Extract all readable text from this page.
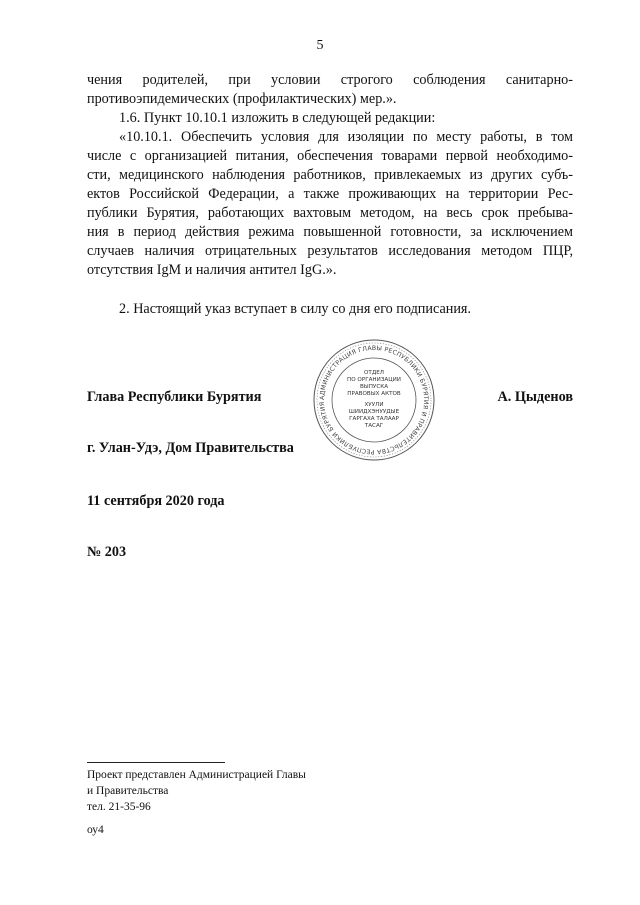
5
чения родителей, при условии строгого соблюдения санитарно-
противоэпидемических (профилактических) мер.».
1.6. Пункт 10.10.1 изложить в следующей редакции:
«10.10.1. Обеспечить условия для изоляции по месту работы, в том
числе с организацией питания, обеспечения товарами первой необходимо-
сти, медицинского наблюдения работников, привлекаемых из других субъ-
ектов Российской Федерации, а также проживающих на территории Рес-
публики Бурятия, работающих вахтовым методом, на весь срок пребыва-
ния в период действия режима повышенной готовности, за исключением
случаев наличия отрицательных результатов исследования методом ПЦР,
отсутствия IgM и наличия антител IgG.».
2. Настоящий указ вступает в силу со дня его подписания.
Глава Республики Бурятия	А. Цыденов
АДМИНИСТРАЦИЯ ГЛАВЫ РЕСПУБЛИКИ БУРЯТИЯ И ПРАВИТЕЛЬСТВА РЕСПУБЛИКИ БУРЯТИЯ
ОТДЕЛ
ПО ОРГАНИЗАЦИИ
ВЫПУСКА
ПРАВОВЫХ АКТОВ
ХУУЛИ
ШИИДХЭНУУДЫЕ
ГАРГАХА ТАЛААР
ТАСАГ
г. Улан-Удэ, Дом Правительства
11 сентября 2020 года
№ 203
Проект представлен Администрацией Главы
и Правительства
тел. 21-35-96
оу4
